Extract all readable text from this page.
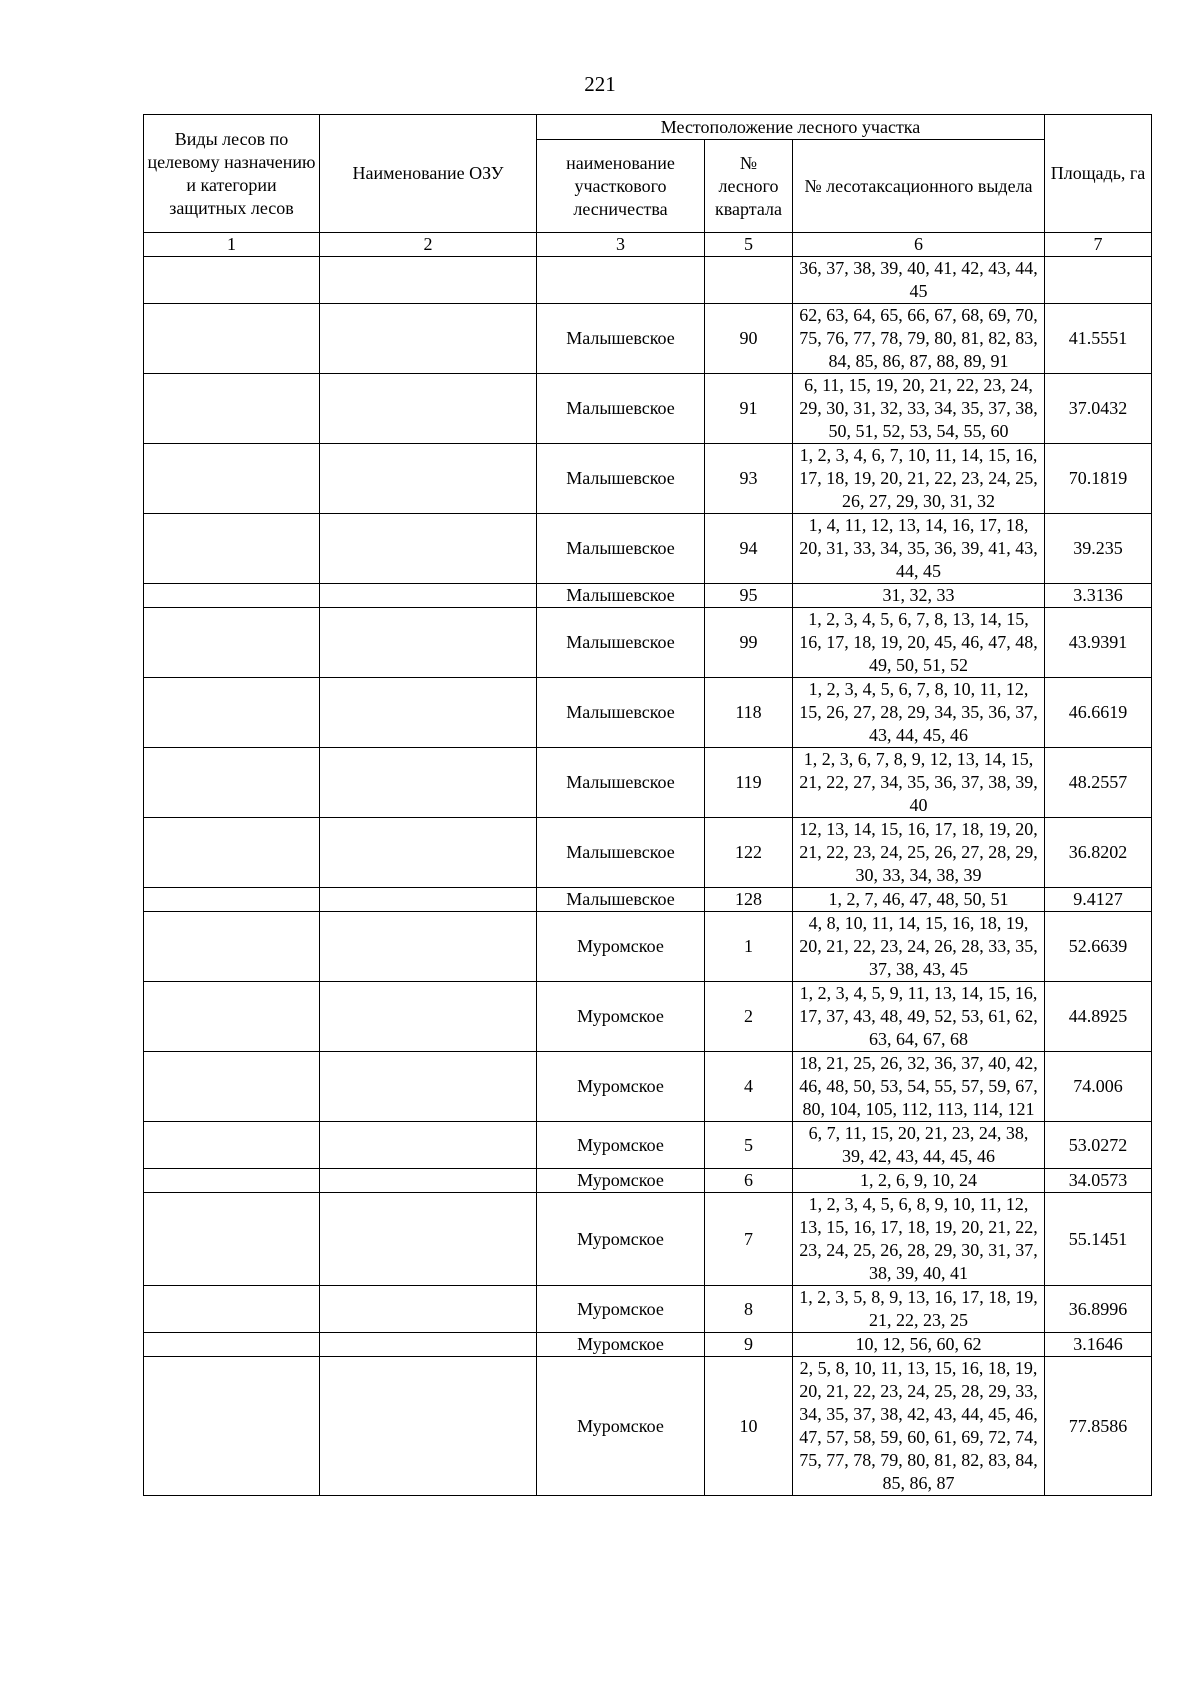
221
Виды лесов по целевому назначению и категории защитных лесов	Наименование ОЗУ	Местоположение лесного участка			Площадь, га
		наименование участкового лесничества	№ лесного квартала	№ лесотаксационного выдела	
1	2	3	5	6	7
				36, 37, 38, 39, 40, 41, 42, 43, 44, 45	
		Малышевское	90	62, 63, 64, 65, 66, 67, 68, 69, 70, 75, 76, 77, 78, 79, 80, 81, 82, 83, 84, 85, 86, 87, 88, 89, 91	41.5551
		Малышевское	91	6, 11, 15, 19, 20, 21, 22, 23, 24, 29, 30, 31, 32, 33, 34, 35, 37, 38, 50, 51, 52, 53, 54, 55, 60	37.0432
		Малышевское	93	1, 2, 3, 4, 6, 7, 10, 11, 14, 15, 16, 17, 18, 19, 20, 21, 22, 23, 24, 25, 26, 27, 29, 30, 31, 32	70.1819
		Малышевское	94	1, 4, 11, 12, 13, 14, 16, 17, 18, 20, 31, 33, 34, 35, 36, 39, 41, 43, 44, 45	39.235
		Малышевское	95	31, 32, 33	3.3136
		Малышевское	99	1, 2, 3, 4, 5, 6, 7, 8, 13, 14, 15, 16, 17, 18, 19, 20, 45, 46, 47, 48, 49, 50, 51, 52	43.9391
		Малышевское	118	1, 2, 3, 4, 5, 6, 7, 8, 10, 11, 12, 15, 26, 27, 28, 29, 34, 35, 36, 37, 43, 44, 45, 46	46.6619
		Малышевское	119	1, 2, 3, 6, 7, 8, 9, 12, 13, 14, 15, 21, 22, 27, 34, 35, 36, 37, 38, 39, 40	48.2557
		Малышевское	122	12, 13, 14, 15, 16, 17, 18, 19, 20, 21, 22, 23, 24, 25, 26, 27, 28, 29, 30, 33, 34, 38, 39	36.8202
		Малышевское	128	1, 2, 7, 46, 47, 48, 50, 51	9.4127
		Муромское	1	4, 8, 10, 11, 14, 15, 16, 18, 19, 20, 21, 22, 23, 24, 26, 28, 33, 35, 37, 38, 43, 45	52.6639
		Муромское	2	1, 2, 3, 4, 5, 9, 11, 13, 14, 15, 16, 17, 37, 43, 48, 49, 52, 53, 61, 62, 63, 64, 67, 68	44.8925
		Муромское	4	18, 21, 25, 26, 32, 36, 37, 40, 42, 46, 48, 50, 53, 54, 55, 57, 59, 67, 80, 104, 105, 112, 113, 114, 121	74.006
		Муромское	5	6, 7, 11, 15, 20, 21, 23, 24, 38, 39, 42, 43, 44, 45, 46	53.0272
		Муромское	6	1, 2, 6, 9, 10, 24	34.0573
		Муромское	7	1, 2, 3, 4, 5, 6, 8, 9, 10, 11, 12, 13, 15, 16, 17, 18, 19, 20, 21, 22, 23, 24, 25, 26, 28, 29, 30, 31, 37, 38, 39, 40, 41	55.1451
		Муромское	8	1, 2, 3, 5, 8, 9, 13, 16, 17, 18, 19, 21, 22, 23, 25	36.8996
		Муромское	9	10, 12, 56, 60, 62	3.1646
		Муромское	10	2, 5, 8, 10, 11, 13, 15, 16, 18, 19, 20, 21, 22, 23, 24, 25, 28, 29, 33, 34, 35, 37, 38, 42, 43, 44, 45, 46, 47, 57, 58, 59, 60, 61, 69, 72, 74, 75, 77, 78, 79, 80, 81, 82, 83, 84, 85, 86, 87	77.8586
